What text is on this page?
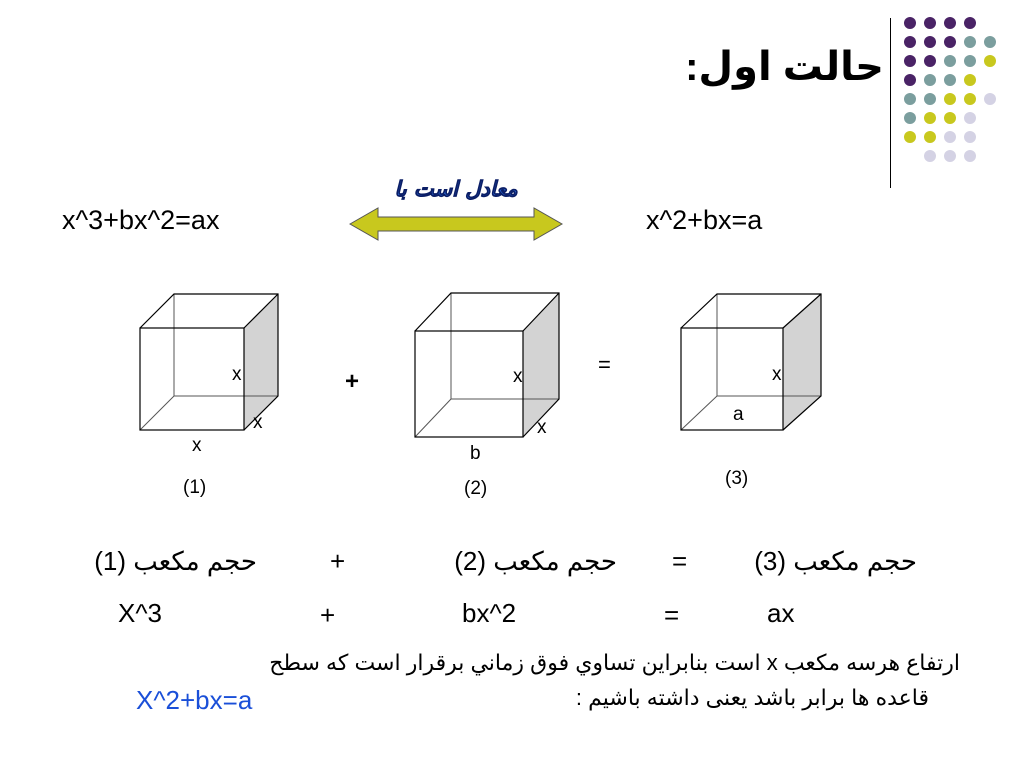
حالت اول:
x^3+bx^2=ax	x^2+bx=a
معادل است با
x
x
x
(1)
+	x
x
b
(2)
=	x
a
(3)
حجم مکعب (1)	+	حجم مکعب (2) =	حجم مکعب (3)
X^3	+	bx^2	=	ax
ارتفاع هرسه مکعب x است بنابراين تساوي فوق زماني برقرار است که سطح
قاعده ها برابر باشد یعنی داشته باشیم :
X^2+bx=a
